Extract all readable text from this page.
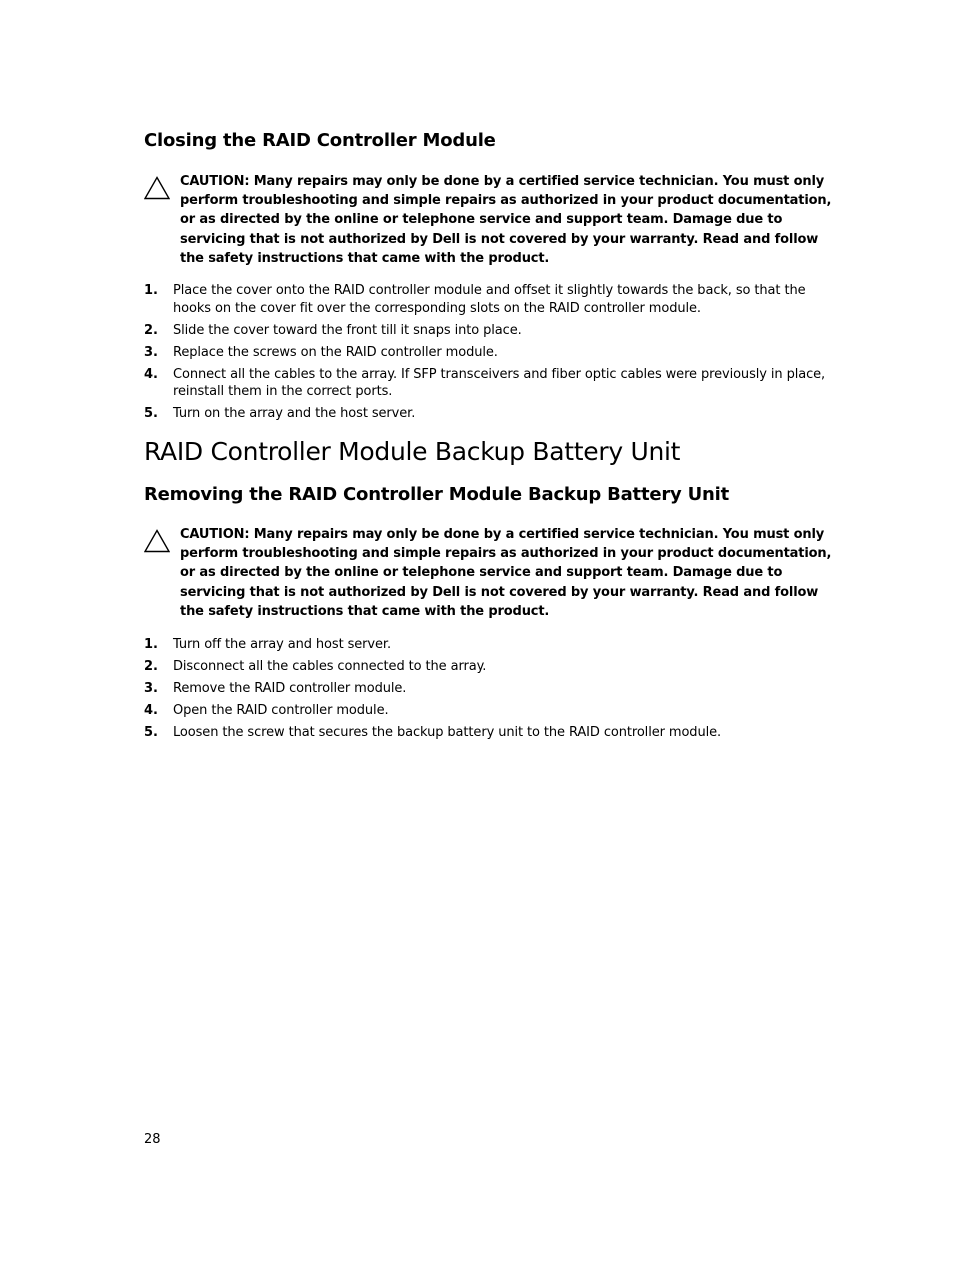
Closing the RAID Controller Module
CAUTION: Many repairs may only be done by a certified service technician. You must only perform troubleshooting and simple repairs as authorized in your product documentation, or as directed by the online or telephone service and support team. Damage due to servicing that is not authorized by Dell is not covered by your warranty. Read and follow the safety instructions that came with the product.
1. Place the cover onto the RAID controller module and offset it slightly towards the back, so that the hooks on the cover fit over the corresponding slots on the RAID controller module.
2. Slide the cover toward the front till it snaps into place.
3. Replace the screws on the RAID controller module.
4. Connect all the cables to the array. If SFP transceivers and fiber optic cables were previously in place, reinstall them in the correct ports.
5. Turn on the array and the host server.
RAID Controller Module Backup Battery Unit
Removing the RAID Controller Module Backup Battery Unit
CAUTION: Many repairs may only be done by a certified service technician. You must only perform troubleshooting and simple repairs as authorized in your product documentation, or as directed by the online or telephone service and support team. Damage due to servicing that is not authorized by Dell is not covered by your warranty. Read and follow the safety instructions that came with the product.
1. Turn off the array and host server.
2. Disconnect all the cables connected to the array.
3. Remove the RAID controller module.
4. Open the RAID controller module.
5. Loosen the screw that secures the backup battery unit to the RAID controller module.
28
